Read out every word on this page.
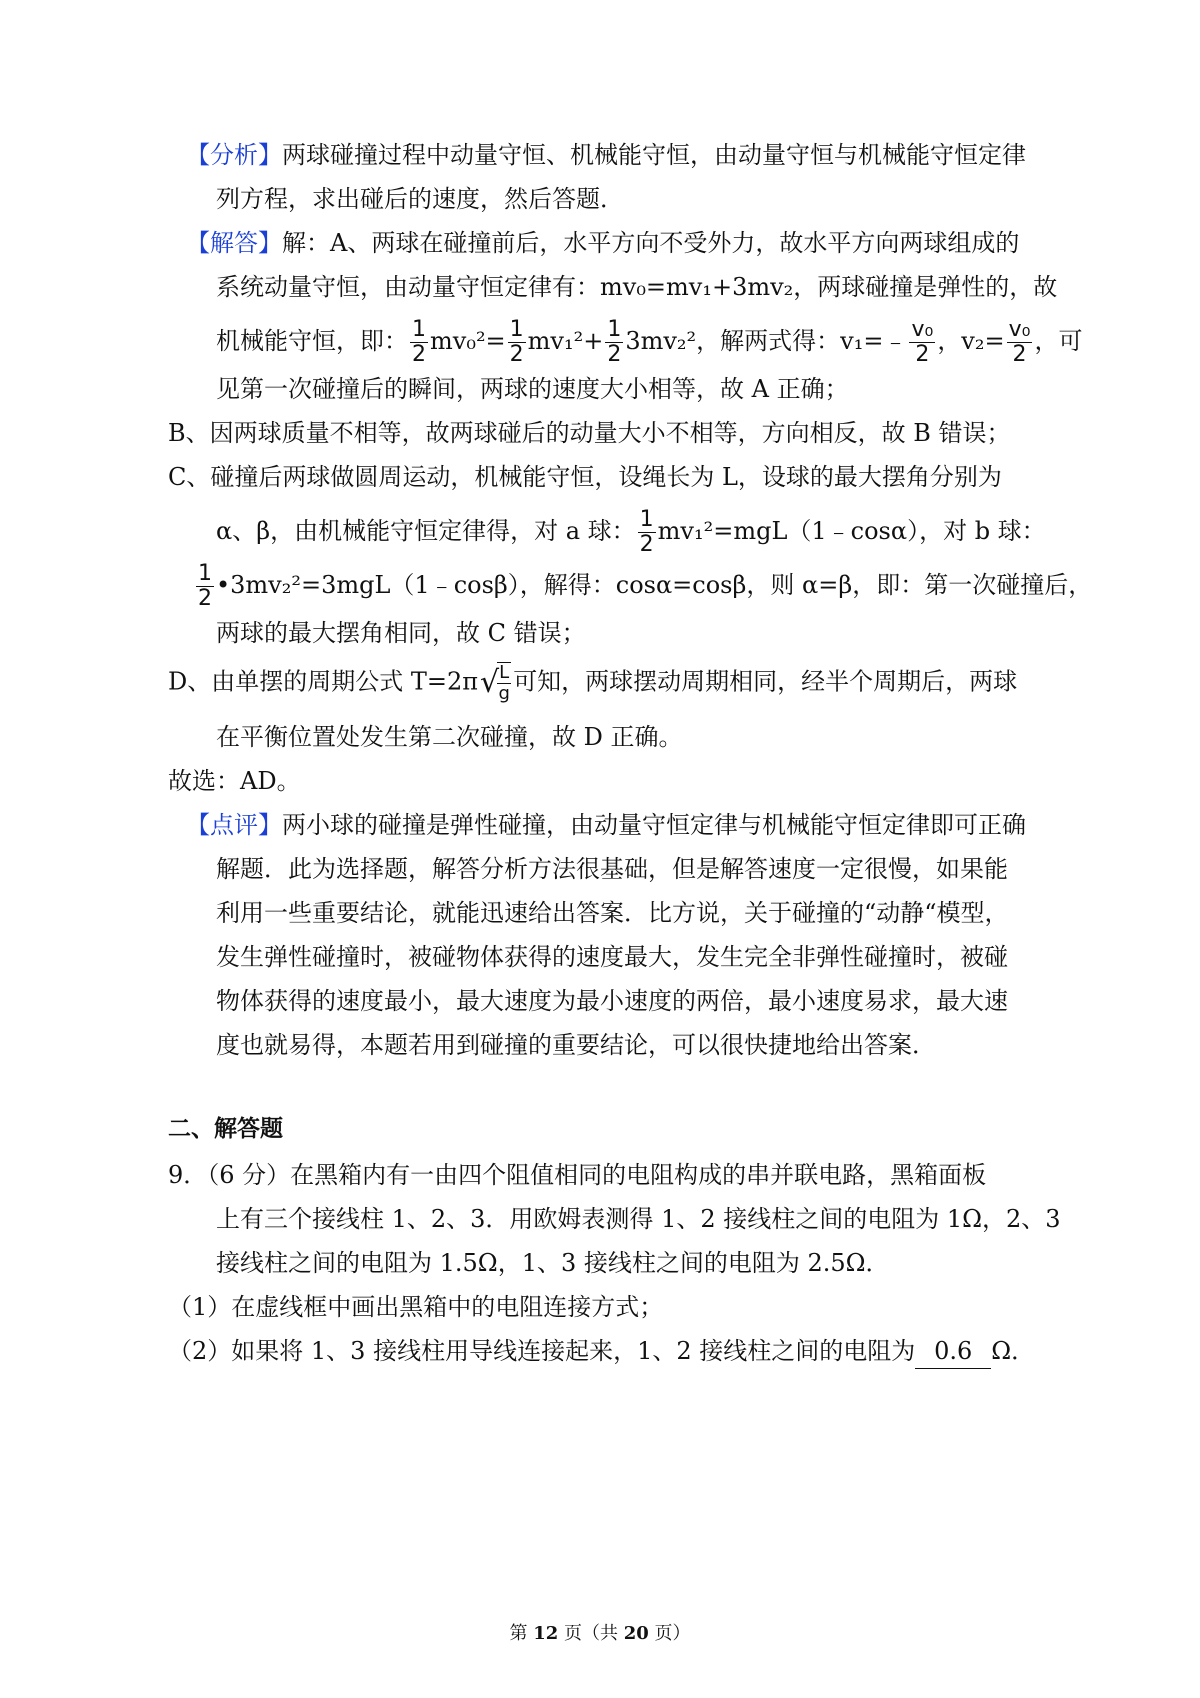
【分析】两球碰撞过程中动量守恒、机械能守恒，由动量守恒与机械能守恒定律
列方程，求出碰后的速度，然后答题．
【解答】解：A、两球在碰撞前后，水平方向不受外力，故水平方向两球组成的
系统动量守恒，由动量守恒定律有：mv₀=mv₁+3mv₂，两球碰撞是弹性的，故
机械能守恒，即： $\frac{1}{2} mv_0^2= \frac{1}{2} mv_1^2+ \frac{1}{2} 3mv_2^2$，解两式得：v₁=﹣ $\frac{\text{v₀}}{2}$ ，$v_2= \frac{\text{v₀}}{2}$ ，可
见第一次碰撞后的瞬间，两球的速度大小相等，故 A 正确；
B、因两球质量不相等，故两球碰后的动量大小不相等，方向相反，故 B 错误；
C、碰撞后两球做圆周运动，机械能守恒，设绳长为 L，设球的最大摆角分别为
α、β，由机械能守恒定律得，对 a 球： $\frac{1}{2}$ mv₁²=mgL（1﹣cosα），对 b 球：
$\frac{1}{2}$ •3mv₂²=3mgL（1﹣cosβ），解得：cosα=cosβ，则 α=β，即：第一次碰撞后，
两球的最大摆角相同，故 C 错误；
D、由单摆的周期公式 T=2π√
$\frac{L}{g}$ 可知，两球摆动周期相同，经半个周期后，两球
在平衡位置处发生第二次碰撞，故 D 正确。
故选：AD。
【点评】两小球的碰撞是弹性碰撞，由动量守恒定律与机械能守恒定律即可正确
解题．此为选择题，解答分析方法很基础，但是解答速度一定很慢，如果能
利用一些重要结论，就能迅速给出答案．比方说，关于碰撞的“动静“模型，
发生弹性碰撞时，被碰物体获得的速度最大，发生完全非弹性碰撞时，被碰
物体获得的速度最小，最大速度为最小速度的两倍，最小速度易求，最大速
度也就易得，本题若用到碰撞的重要结论，可以很快捷地给出答案．
二、解答题
9．（6 分）在黑箱内有一由四个阻值相同的电阻构成的串并联电路，黑箱面板
上有三个接线柱 1、2、3．用欧姆表测得 1、2 接线柱之间的电阻为 1Ω，2、3
接线柱之间的电阻为 1.5Ω，1、3 接线柱之间的电阻为 2.5Ω．
（1）在虚线框中画出黑箱中的电阻连接方式；
（2）如果将 1、3 接线柱用导线连接起来，1、2 接线柱之间的电阻为 0.6 Ω．
第 12 页（共 20 页）
